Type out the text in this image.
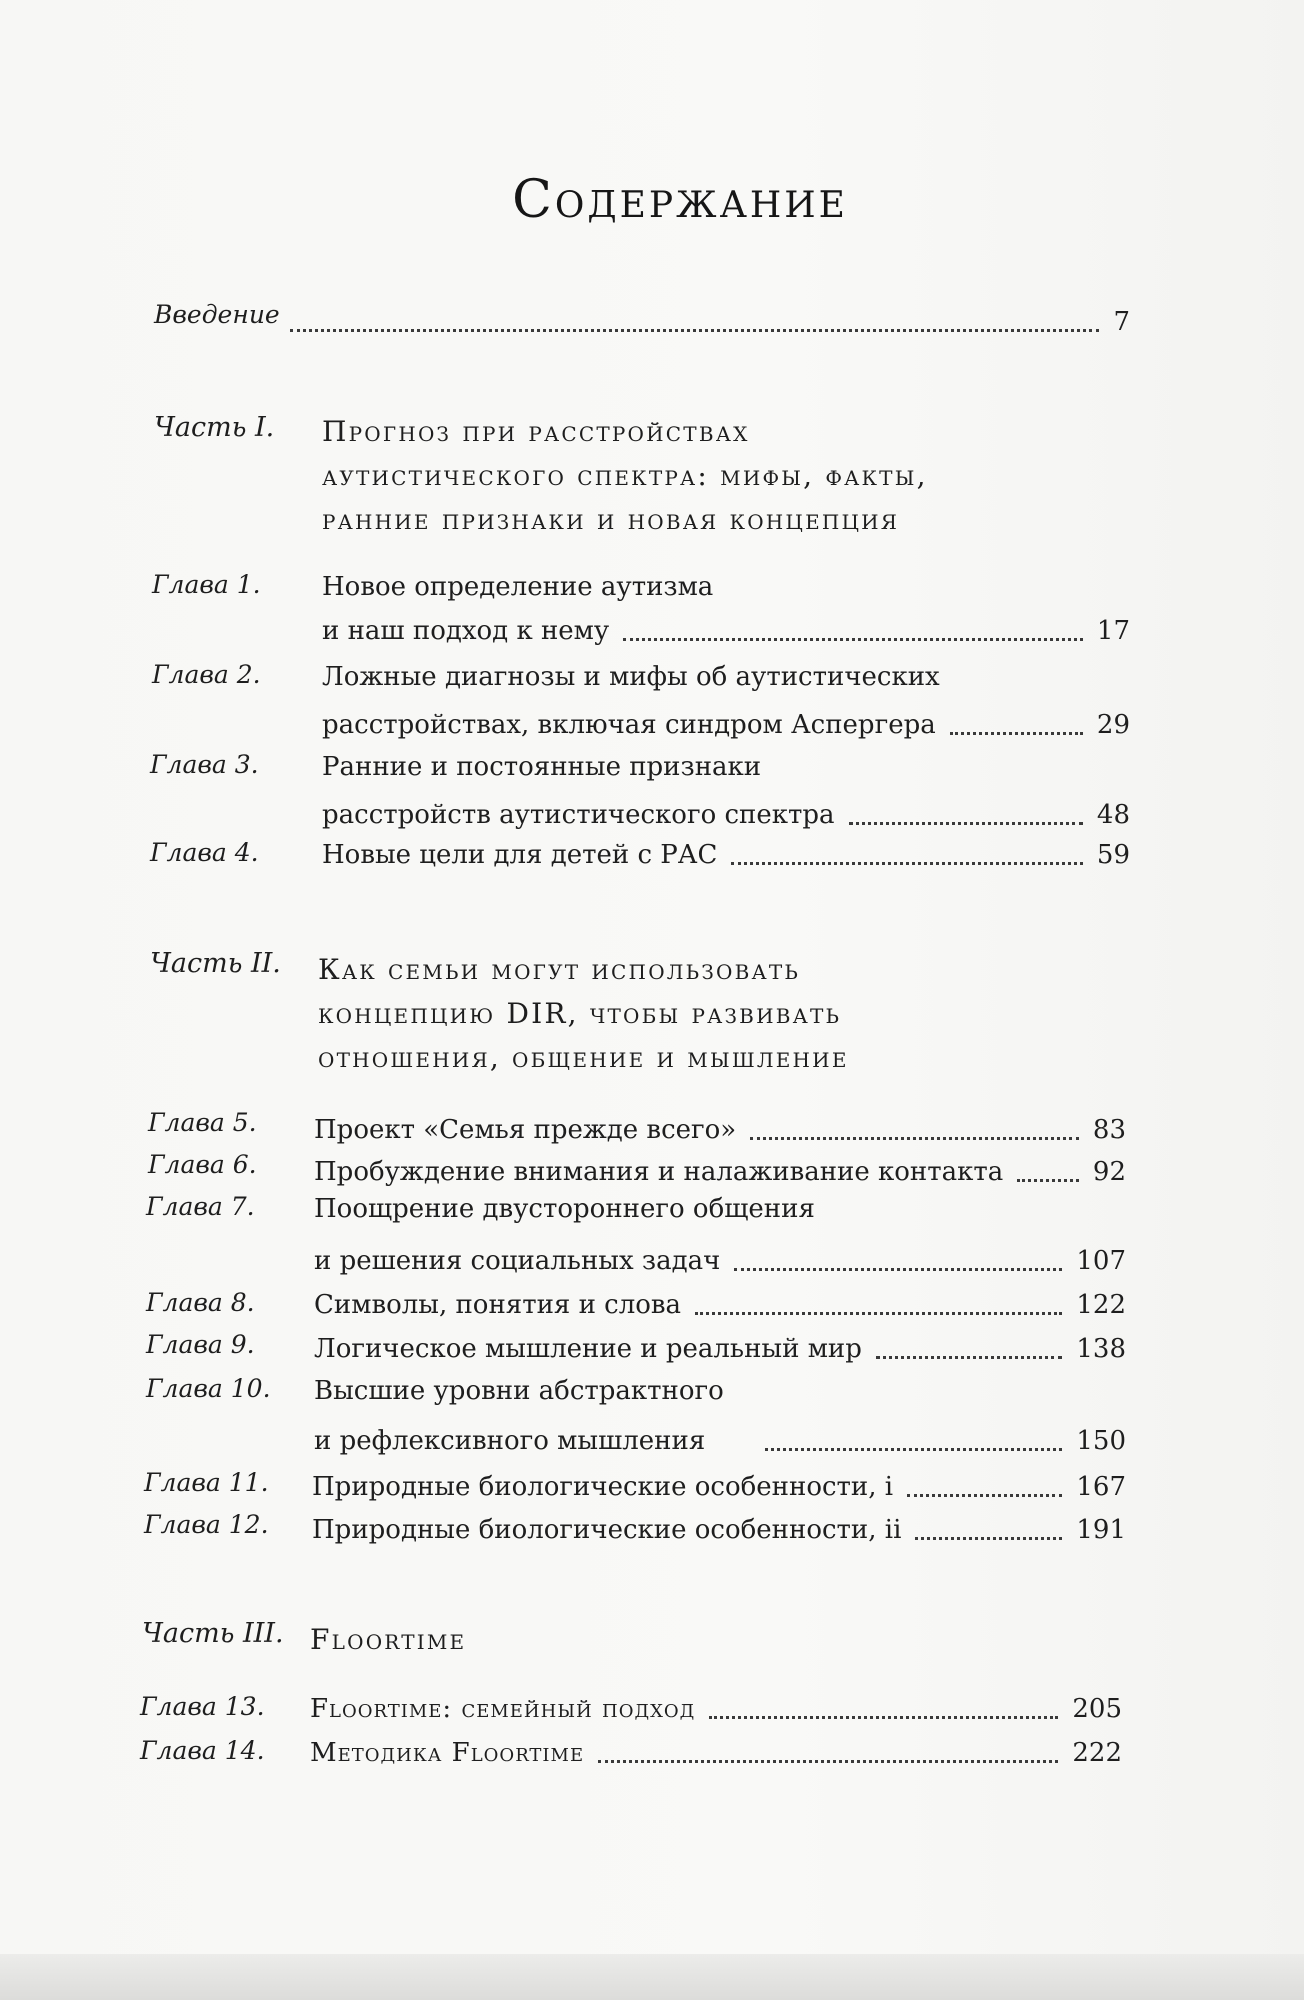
Содержание
Введение	7
Часть I. Прогноз при расстройствах
аутистического спектра: мифы, факты,
ранние признаки и новая концепция
Глава 1. Новое определение аутизма
и наш подход к нему	17
Глава 2. Ложные диагнозы и мифы об аутистических
расстройствах, включая синдром Аспергера	29
Глава 3. Ранние и постоянные признаки
расстройств аутистического спектра	48
Глава 4. Новые цели для детей с РАС	59
Часть II. Как семьи могут использовать
концепцию DIR, чтобы развивать
отношения, общение и мышление
Глава 5. Проект «Семья прежде всего»	83
Глава 6. Пробуждение внимания и налаживание контакта	92
Глава 7. Поощрение двустороннего общения
и решения социальных задач	107
Глава 8. Символы, понятия и слова	122
Глава 9. Логическое мышление и реальный мир	138
Глава 10. Высшие уровни абстрактного
и рефлексивного мышления	150
Глава 11. Природные биологические особенности, i	167
Глава 12. Природные биологические особенности, ii	191
Часть III. Floortime
Глава 13. Floortime: семейный подход	205
Глава 14. Методика Floortime	222
